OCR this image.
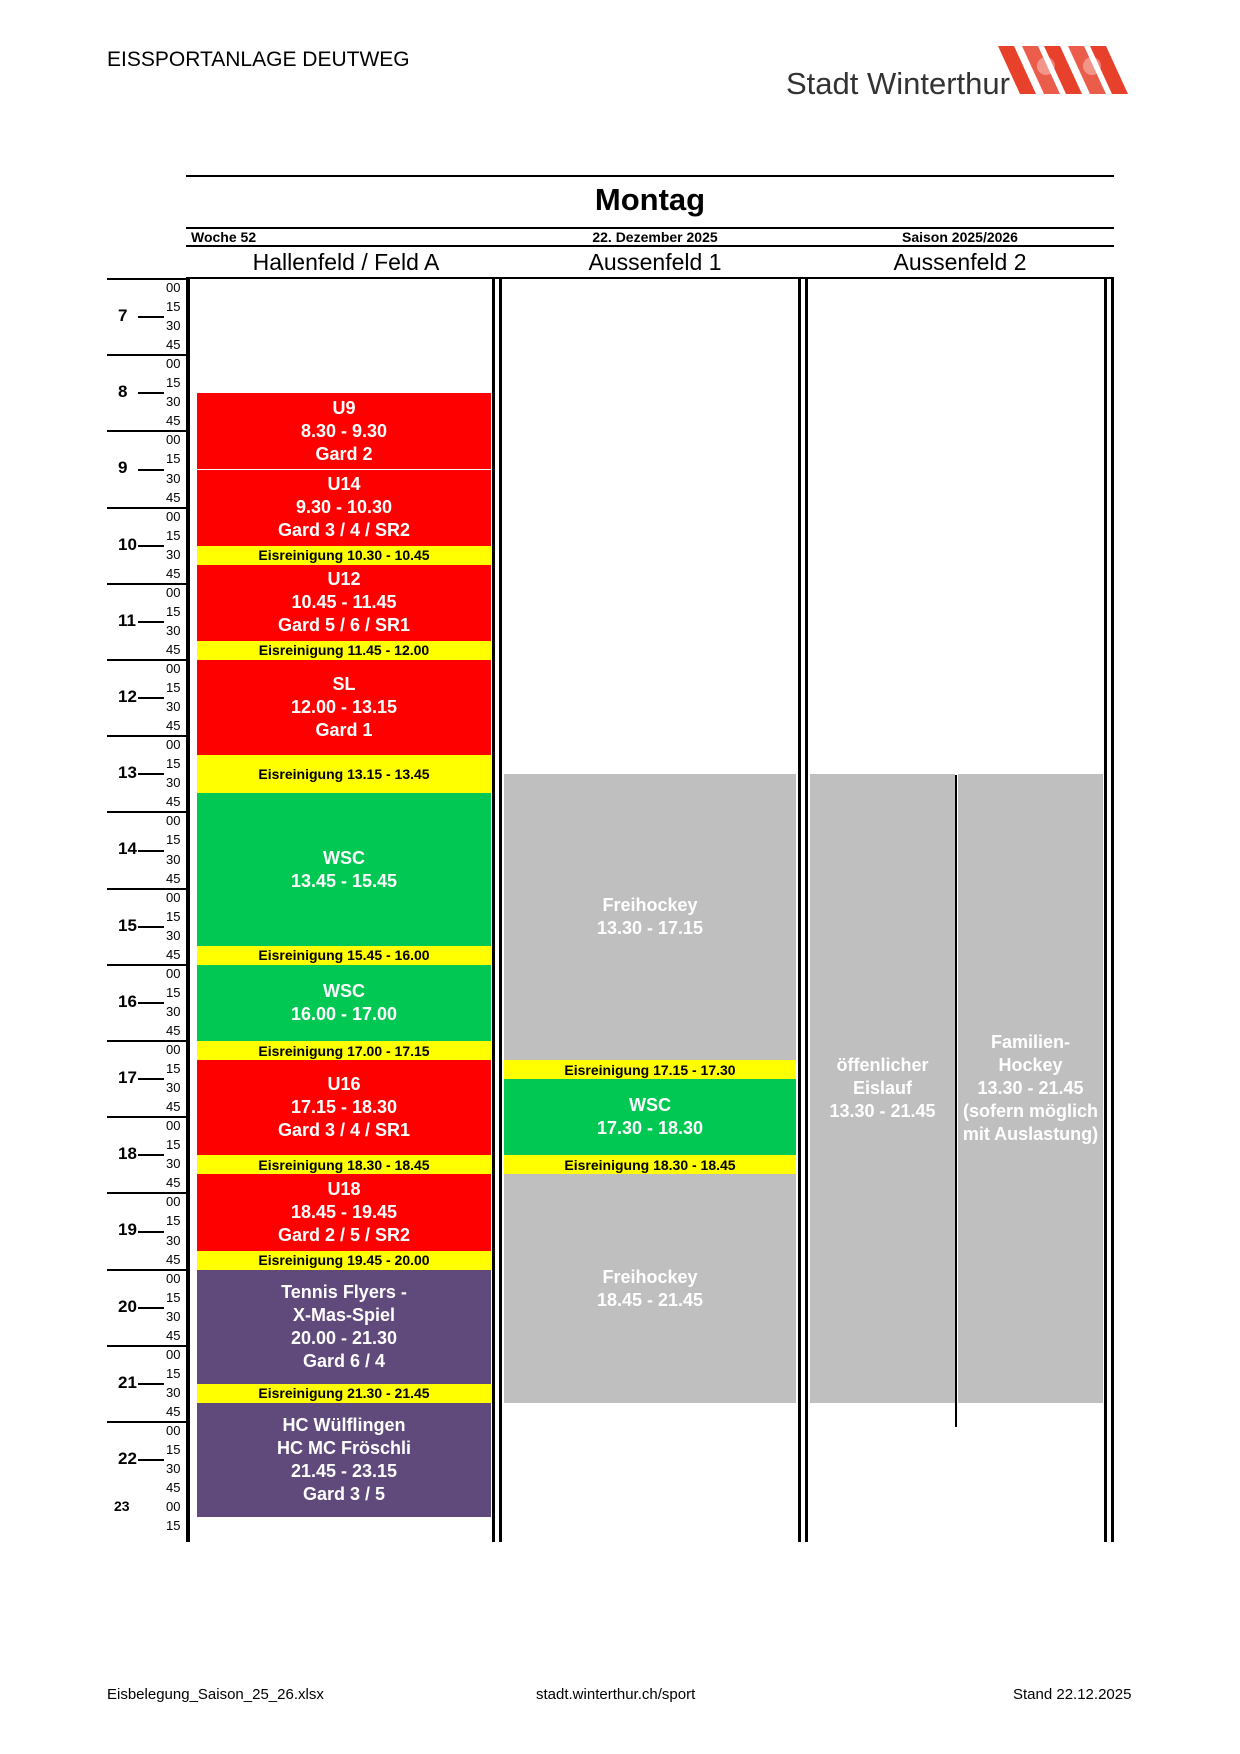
EISSPORTANLAGE DEUTWEG
Stadt Winterthur
Montag
Woche 52	22. Dezember 2025	Saison 2025/2026
Hallenfeld / Feld A	Aussenfeld 1	Aussenfeld 2
7
00
15
30
45
8
00
15
30
45
9
00
15
30
45
10
00
15
30
45
11
00
15
30
45
12
00
15
30
45
13
00
15
30
45
14
00
15
30
45
15
00
15
30
45
16
00
15
30
45
17
00
15
30
45
18
00
15
30
45
19
00
15
30
45
20
00
15
30
45
21
00
15
30
45
22
00
15
30
45
23	00
15
U9
8.30 - 9.30
Gard 2
U14
9.30 - 10.30
Gard 3 / 4 / SR2
Eisreinigung 10.30 - 10.45
U12
10.45 - 11.45
Gard 5 / 6 / SR1
Eisreinigung 11.45 - 12.00
SL
12.00 - 13.15
Gard 1
Eisreinigung 13.15 - 13.45
WSC
13.45 - 15.45
Eisreinigung 15.45 - 16.00
WSC
16.00 - 17.00
Eisreinigung 17.00 - 17.15
U16
17.15 - 18.30
Gard 3 / 4 / SR1
Eisreinigung 18.30 - 18.45
U18
18.45 - 19.45
Gard 2 / 5 / SR2
Eisreinigung 19.45 - 20.00
Tennis Flyers -
X-Mas-Spiel
20.00 - 21.30
Gard 6 / 4
Eisreinigung 21.30 - 21.45
HC Wülflingen
HC MC Fröschli
21.45 - 23.15
Gard 3 / 5
Freihockey
13.30 - 17.15
Eisreinigung 17.15 - 17.30
WSC
17.30 - 18.30
Eisreinigung 18.30 - 18.45
Freihockey
18.45 - 21.45
öffenlicher
Eislauf
13.30 - 21.45
Familien-
Hockey
13.30 - 21.45
(sofern möglich
mit Auslastung)
Eisbelegung_Saison_25_26.xlsx	stadt.winterthur.ch/sport	Stand 22.12.2025
